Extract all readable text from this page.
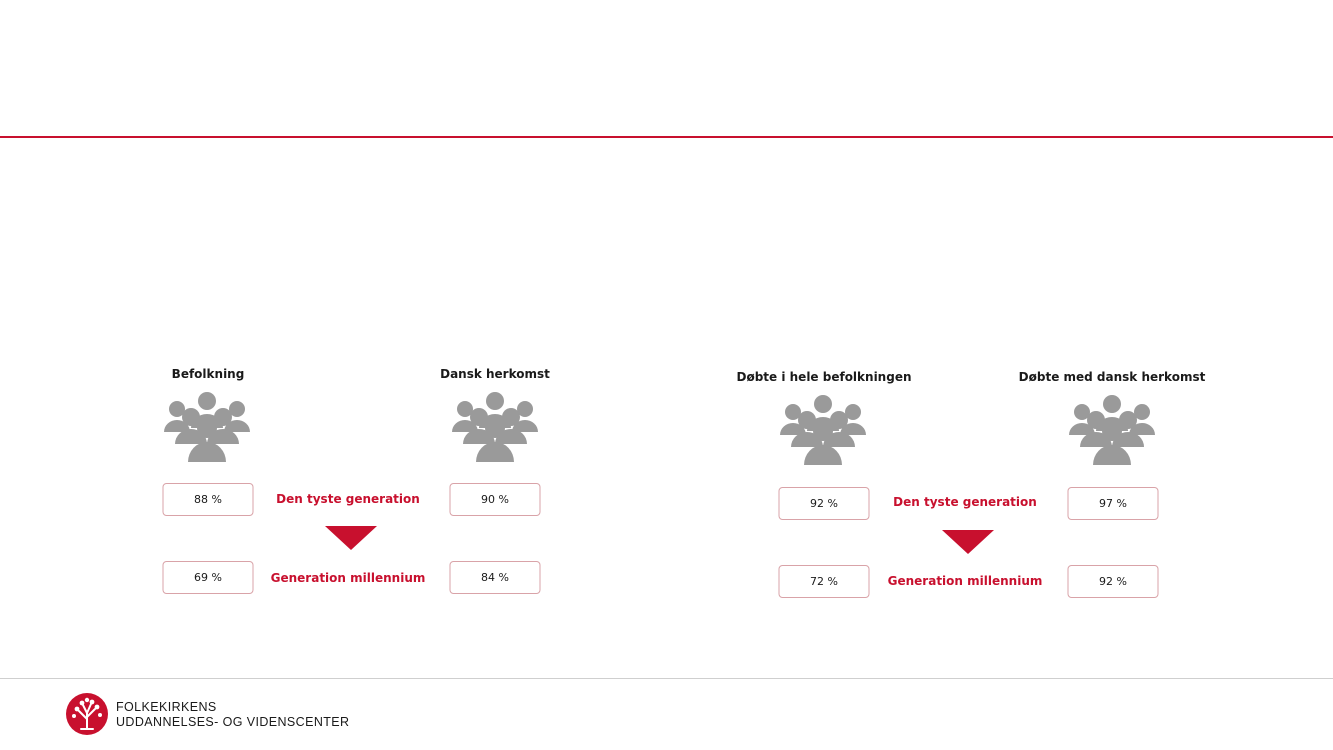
Befolkning	Dansk herkomst
88 %
69 %
90 %
84 %
Den tyste generation
Generation millennium
Døbte i hele befolkningen	Døbte med dansk herkomst
92 %
72 %
97 %
92 %
Den tyste generation
Generation millennium
FOLKEKIRKENS
UDDANNELSES- OG VIDENSCENTER
